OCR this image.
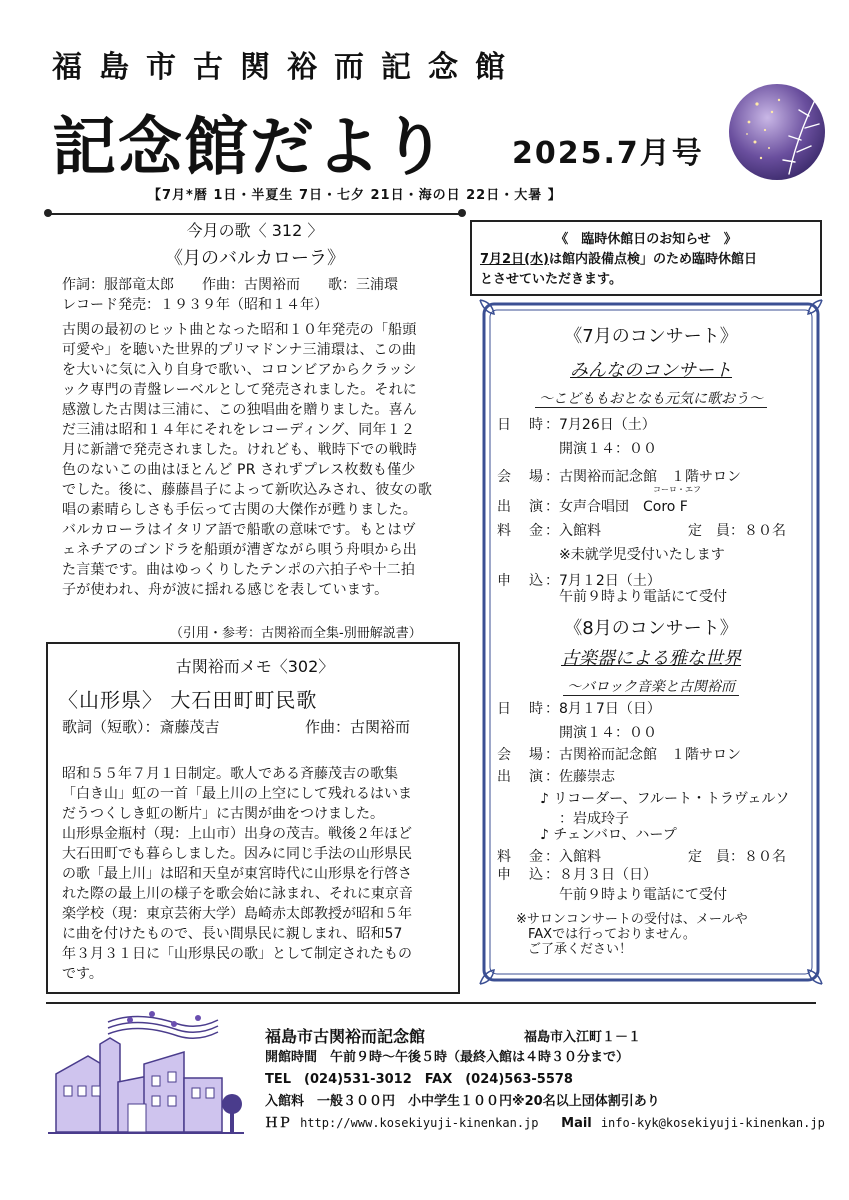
福島市古関裕而記念館
記念館だより 2025.7月号
【7月*暦 1日・半夏生 7日・七夕 21日・海の日 22日・大暑 】
今月の歌〈 312 〉
《月のバルカローラ》
作詞：服部竜太郎　　作曲：古関裕而　　歌：三浦環
レコード発売：１９３９年（昭和１４年）

古関の最初のヒット曲となった昭和１０年発売の「船頭

可愛や」を聴いた世界的プリマドンナ三浦環は、この曲

を大いに気に入り自身で歌い、コロンビアからクラッシ

ック専門の青盤レーベルとして発売されました。それに

感激した古関は三浦に、この独唱曲を贈りました。喜ん

だ三浦は昭和１４年にそれをレコーディング、同年１２

月に新譜で発売されました。けれども、戦時下での戦時

色のないこの曲はほとんど PR されずプレス枚数も僅少

でした。後に、藤藤昌子によって新吹込みされ、彼女の歌

唱の素晴らしさも手伝って古関の大傑作が甦りました。

バルカローラはイタリア語で船歌の意味です。もとはヴ

ェネチアのゴンドラを船頭が漕ぎながら唄う舟唄から出

た言葉です。曲はゆっくりしたテンポの六拍子や十二拍

子が使われ、舟が波に揺れる感じを表しています。

（引用・参考：古関裕而全集-別冊解説書）
古関裕而メモ〈302〉
〈山形県〉 大石田町町民歌
歌詞（短歌）：斎藤茂吉	作曲：古関裕而

昭和５５年７月１日制定。歌人である斉藤茂吉の歌集

「白き山」虹の一首「最上川の上空にして残れるはいま

だうつくしき虹の断片」に古関が曲をつけました。

山形県金瓶村（現：上山市）出身の茂吉。戦後２年ほど

大石田町でも暮らしました。因みに同じ手法の山形県民

の歌「最上川」は昭和天皇が東宮時代に山形県を行啓さ

れた際の最上川の様子を歌会始に詠まれ、それに東京音

楽学校（現：東京芸術大学）島崎赤太郎教授が昭和５年

に曲を付けたもので、長い間県民に親しまれ、昭和57

年３月３１日に「山形県民の歌」として制定されたもの

です。

《　臨時休館日のお知らせ　》

7月2日(水)は館内設備点検」のため臨時休館日

とさせていただきます。

《7月のコンサート》
みんなのコンサート
～こどももおとなも元気に歌おう～
日　時：7月26日（土）
開演１４：００
会　場：古関裕而記念館　１階サロン
コーロ・エフ
出　演：女声合唱団　Coro F
料　金：入館料	定　員：８０名
※未就学児受付いたします
申　込：7月１2日（土）
午前９時より電話にて受付
《8月のコンサート》
古楽器による雅な世界
～バロック音楽と古関裕而
日　時：8月１7日（日）
開演１４：００
会　場：古関裕而記念館　１階サロン
出　演：佐藤崇志
♪ リコーダー、フルート・トラヴェルソ
：岩成玲子
♪ チェンバロ、ハープ
料　金：入館料	定　員：８０名
申　込：８月３日（日）
午前９時より電話にて受付
※サロンコンサートの受付は、メールや
FAXでは行っておりません。
ご了承ください！
福島市古関裕而記念館	福島市入江町１－１
開館時間　午前９時～午後５時（最終入館は４時３０分まで）
TEL　(024)531-3012　FAX　(024)563-5578
入館料　一般３００円　小中学生１００円※20名以上団体割引あり
ＨＰ http://www.kosekiyuji-kinenkan.jp Mail info-kyk@kosekiyuji-kinenkan.jp
